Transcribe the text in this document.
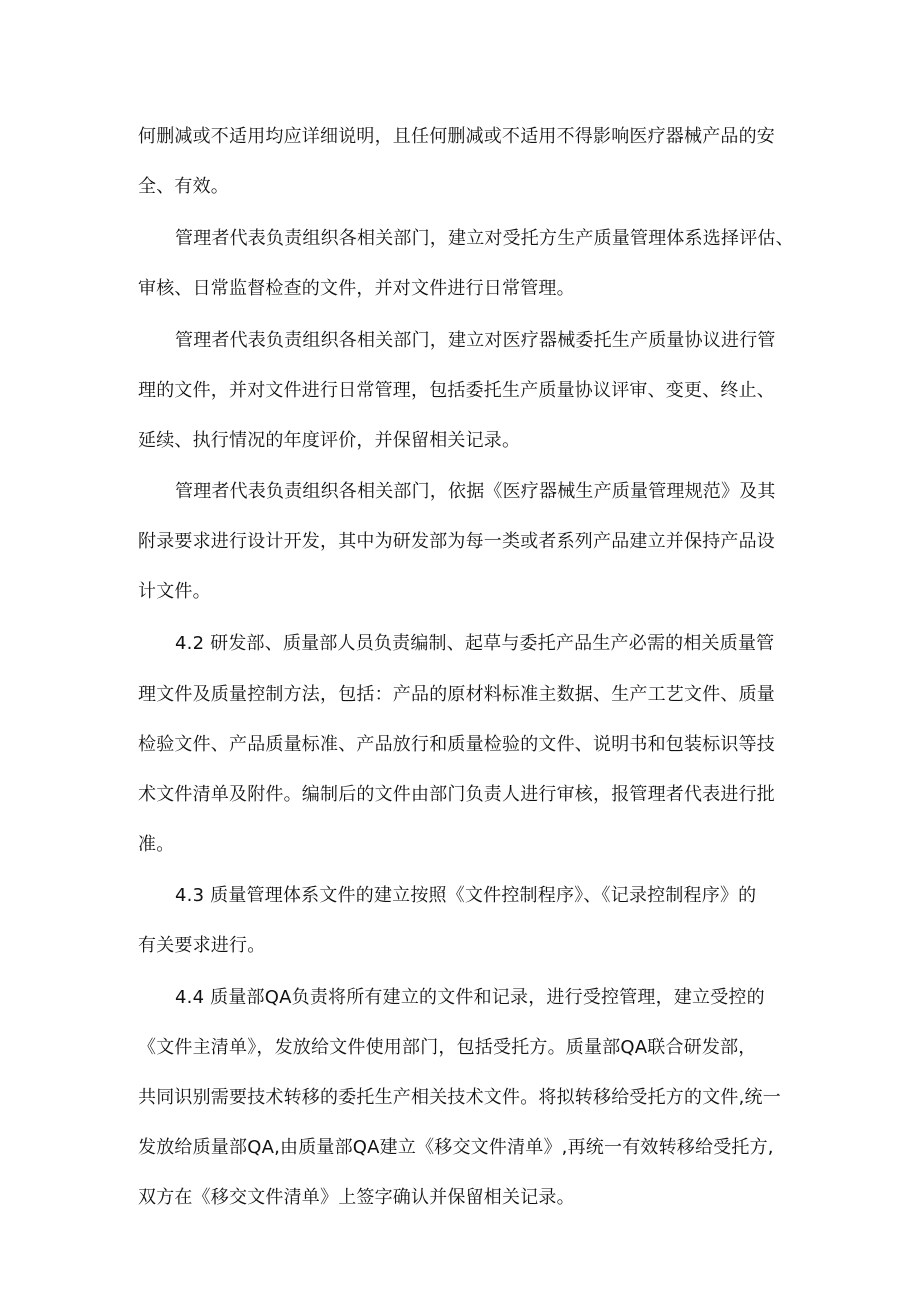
何删减或不适用均应详细说明，且任何删减或不适用不得影响医疗器械产品的安

全、有效。

管理者代表负责组织各相关部门，建立对受托方生产质量管理体系选择评估、

审核、日常监督检查的文件，并对文件进行日常管理。

管理者代表负责组织各相关部门，建立对医疗器械委托生产质量协议进行管

理的文件，并对文件进行日常管理，包括委托生产质量协议评审、变更、终止、

延续、执行情况的年度评价，并保留相关记录。

管理者代表负责组织各相关部门，依据《医疗器械生产质量管理规范》及其

附录要求进行设计开发，其中为研发部为每一类或者系列产品建立并保持产品设

计文件。

4.2 研发部、质量部人员负责编制、起草与委托产品生产必需的相关质量管

理文件及质量控制方法，包括：产品的原材料标准主数据、生产工艺文件、质量

检验文件、产品质量标准、产品放行和质量检验的文件、说明书和包装标识等技

术文件清单及附件。编制后的文件由部门负责人进行审核，报管理者代表进行批

准。

4.3 质量管理体系文件的建立按照《文件控制程序》、《记录控制程序》的

有关要求进行。

4.4 质量部QA负责将所有建立的文件和记录，进行受控管理，建立受控的

《文件主清单》，发放给文件使用部门，包括受托方。质量部QA联合研发部，

共同识别需要技术转移的委托生产相关技术文件。将拟转移给受托方的文件,统一

发放给质量部QA,由质量部QA建立《移交文件清单》,再统一有效转移给受托方,

双方在《移交文件清单》上签字确认并保留相关记录。
